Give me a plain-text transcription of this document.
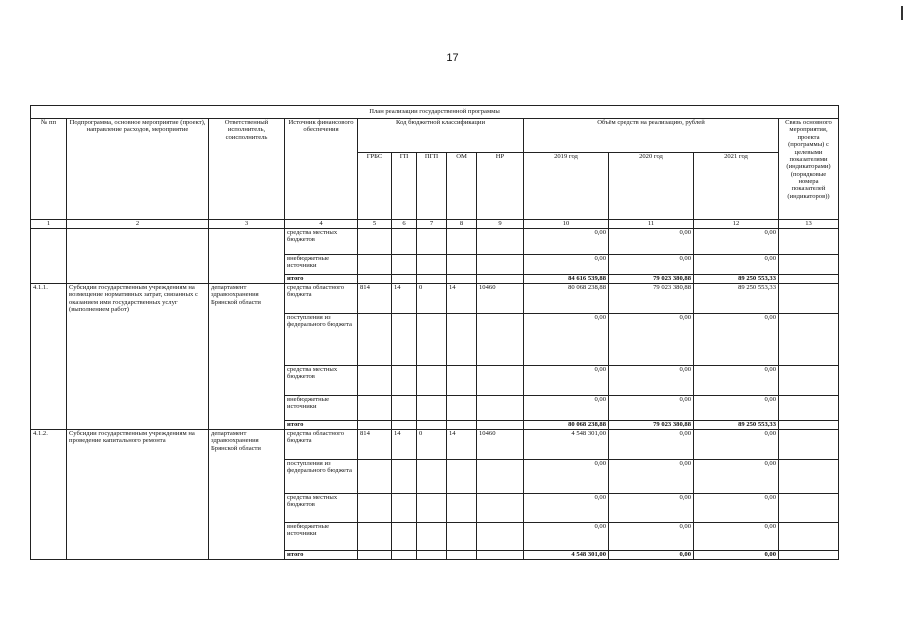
17
План реализации государственной программы												
№ пп	Подпрограмма, основное мероприятие (проект), направление расходов, мероприятие	Ответственный исполнитель, соисполнитель	Источник финансового обеспечения	Код бюджетной классификации					Объём средств на реализацию, рублей			Связь основного мероприятия, проекта (программы) с целевыми показателями (индикаторами) (порядковые номера показателей (индикаторов))
				ГРБС	ГП	ПГП	ОМ	НР	2019 год	2020 год	2021 год	
1	2	3	4	5	6	7	8	9	10	11	12	13
			средства местных бюджетов						0,00	0,00	0,00	
			внебюджетные источники						0,00	0,00	0,00	
			итого						84 616 539,88	79 023 380,88	89 250 553,33	
4.1.1.	Субсидии государственным учреждениям на возмещение нормативных затрат, связанных с оказанием ими государственных услуг (выполнением работ)	департамент здравоохранения Брянской области	средства областного бюджета	814	14	0	14	10460	80 068 238,88	79 023 380,88	89 250 553,33	
			поступления из федерального бюджета						0,00	0,00	0,00	
			средства местных бюджетов						0,00	0,00	0,00	
			внебюджетные источники						0,00	0,00	0,00	
			итого						80 068 238,88	79 023 380,88	89 250 553,33	
4.1.2.	Субсидии государственным учреждениям на проведение капитального ремонта	департамент здравоохранения Брянской области	средства областного бюджета	814	14	0	14	10460	4 548 301,00	0,00	0,00	
			поступления из федерального бюджета						0,00	0,00	0,00	
			средства местных бюджетов						0,00	0,00	0,00	
			внебюджетные источники						0,00	0,00	0,00	
			итого						4 548 301,00	0,00	0,00	
